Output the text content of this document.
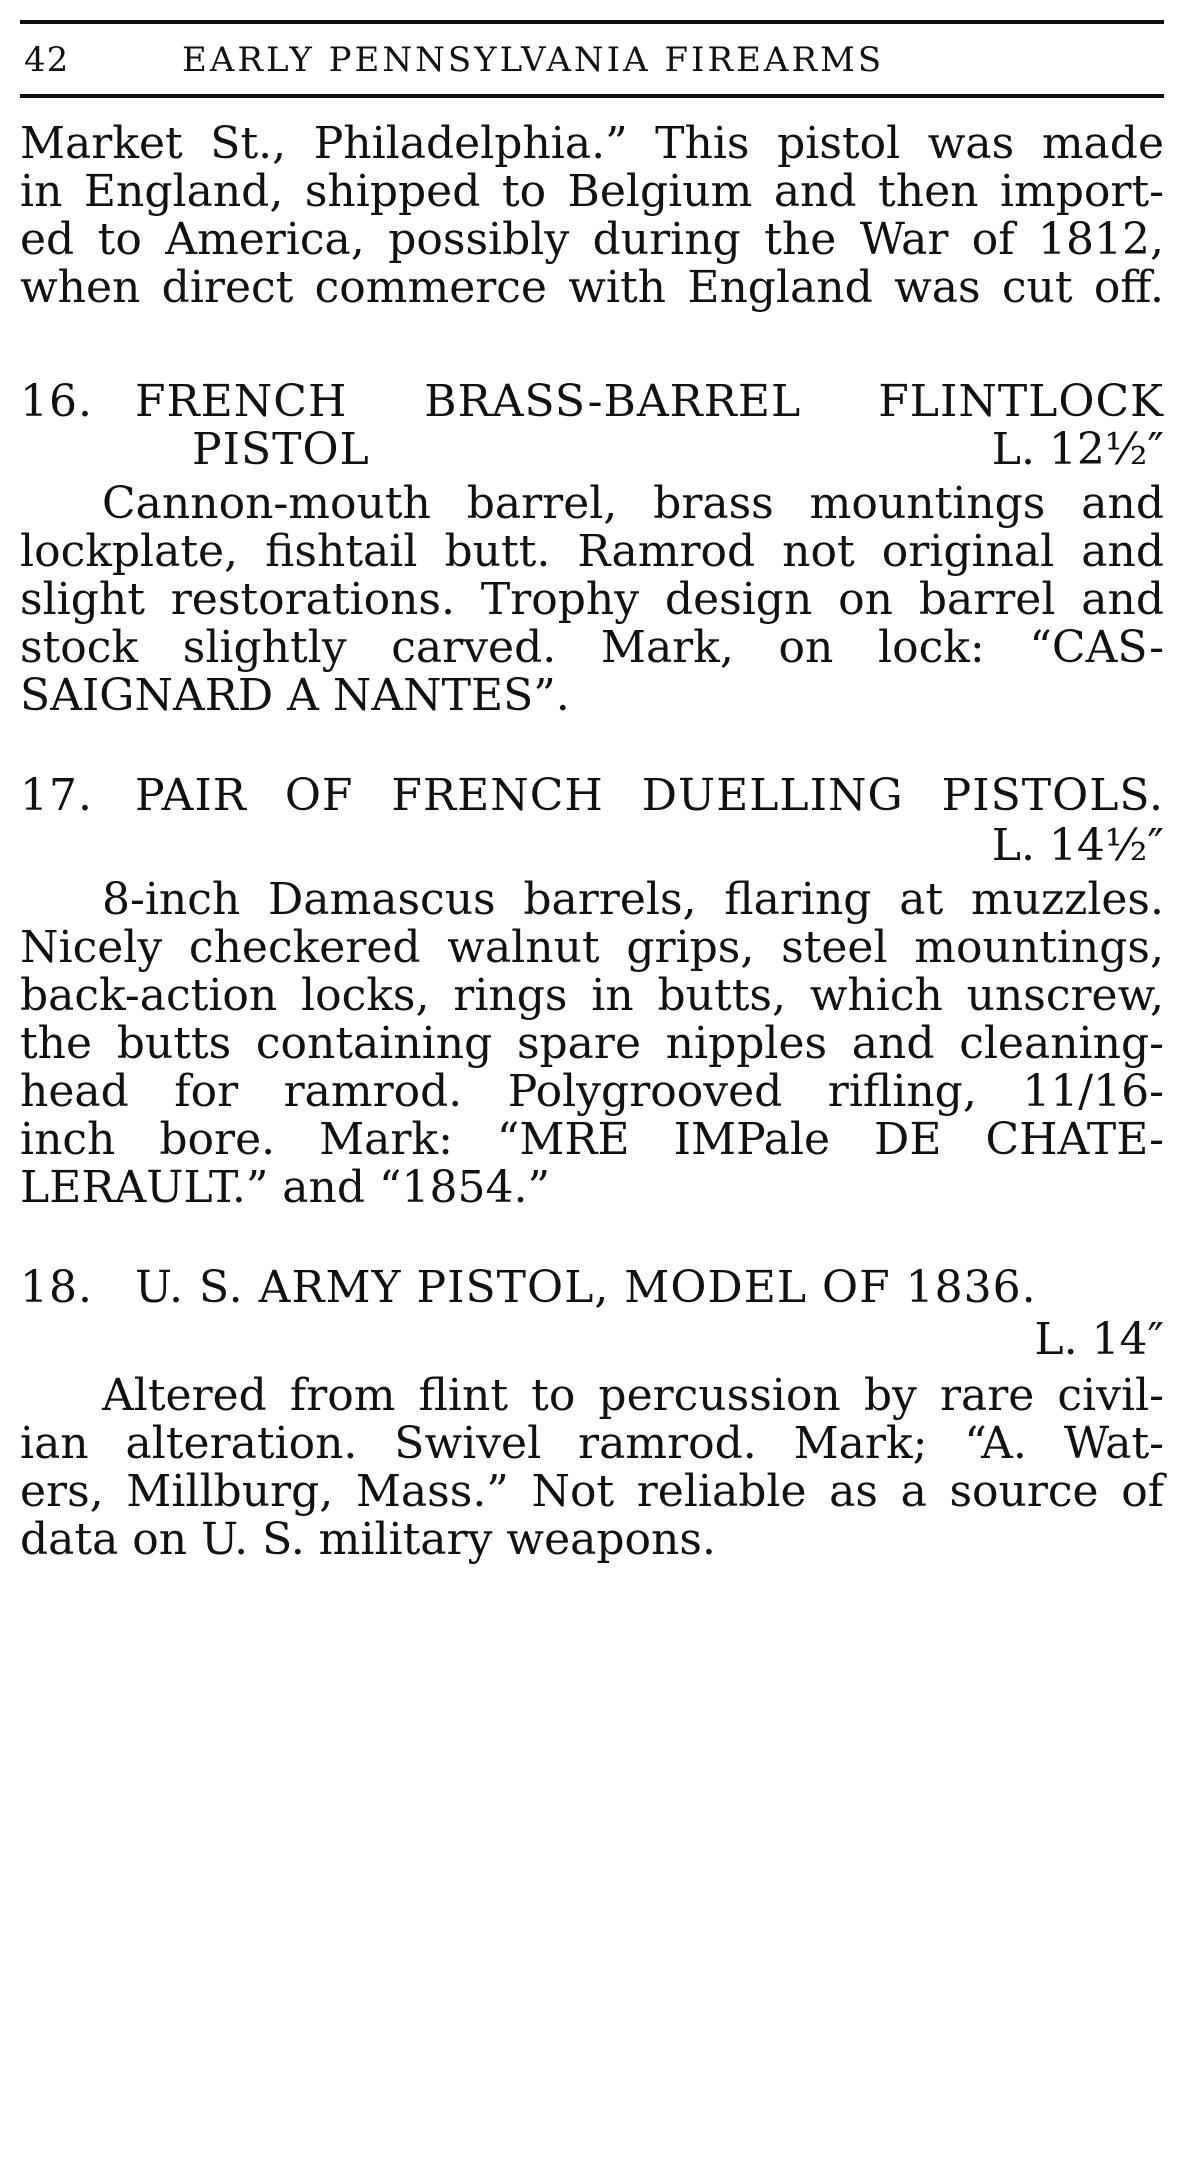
42	EARLY PENNSYLVANIA FIREARMS
Market St., Philadelphia.” This pistol was made
in England, shipped to Belgium and then import-
ed to America, possibly during the War of 1812,
when direct commerce with England was cut off.
16. FRENCH BRASS-BARREL FLINTLOCK
PISTOL	L. 12½″
Cannon-mouth barrel, brass mountings and
lockplate, fishtail butt. Ramrod not original and
slight restorations. Trophy design on barrel and
stock slightly carved. Mark, on lock: “CAS-
SAIGNARD A NANTES”.
17. PAIR OF FRENCH DUELLING PISTOLS.
L. 14½″
8-inch Damascus barrels, flaring at muzzles.
Nicely checkered walnut grips, steel mountings,
back-action locks, rings in butts, which unscrew,
the butts containing spare nipples and cleaning-
head for ramrod. Polygrooved rifling, 11/16-
inch bore. Mark: “MRE IMPale DE CHATE-
LERAULT.” and “1854.”
18. U. S. ARMY PISTOL, MODEL OF 1836.
L. 14″
Altered from flint to percussion by rare civil-
ian alteration. Swivel ramrod. Mark; “A. Wat-
ers, Millburg, Mass.” Not reliable as a source of
data on U. S. military weapons.
